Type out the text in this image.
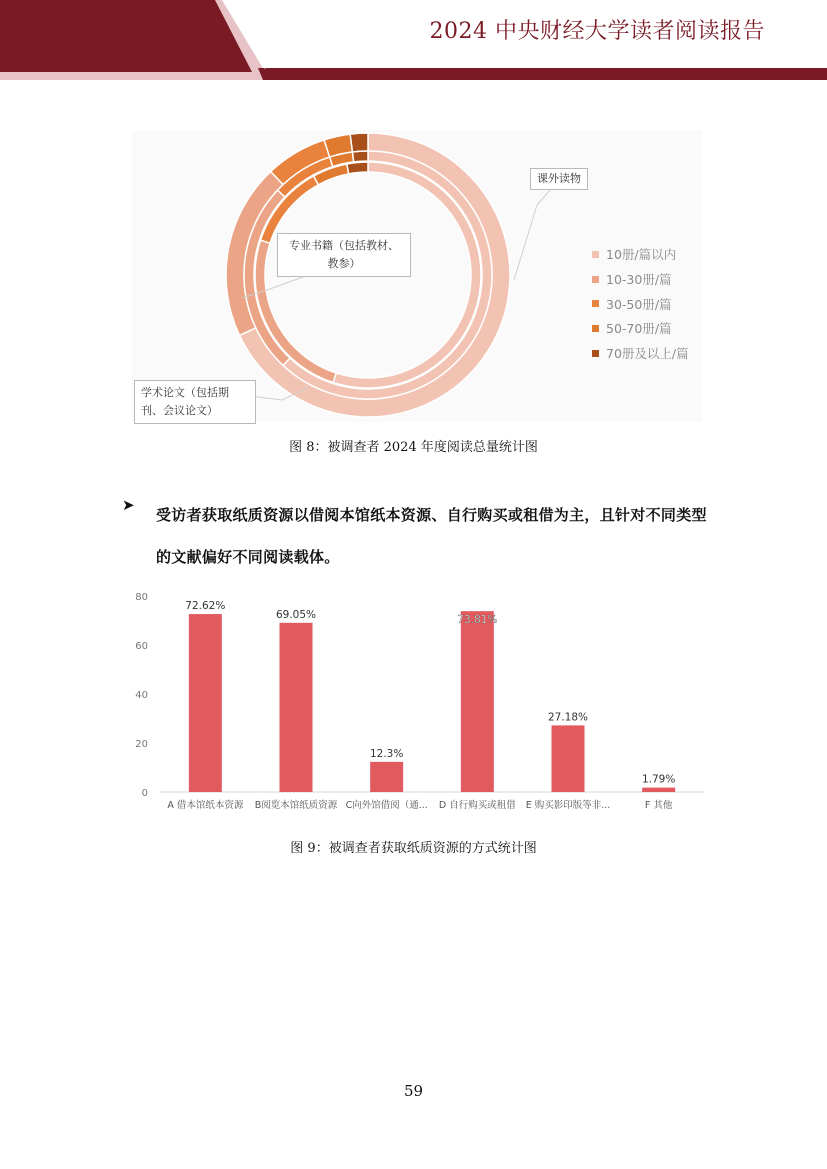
2024 中央财经大学读者阅读报告
课外读物
专业书籍（包括教材、教参）
学术论文（包括期刊、会议论文）
10册/篇以内
10-30册/篇
30-50册/篇
50-70册/篇
70册及以上/篇
图 8：被调查者 2024 年度阅读总量统计图
➤
受访者获取纸质资源以借阅本馆纸本资源、自行购买或租借为主，且针对不同类型的文献偏好不同阅读载体。
0
20
40
60
80
72.62%
69.05%
12.3%
73.81%
27.18%
1.79%
A 借本馆纸本资源 B阅览本馆纸质资源 C向外馆借阅（通... D 自行购买或租借 E 购买影印版等非...	F 其他
图 9：被调查者获取纸质资源的方式统计图
59
